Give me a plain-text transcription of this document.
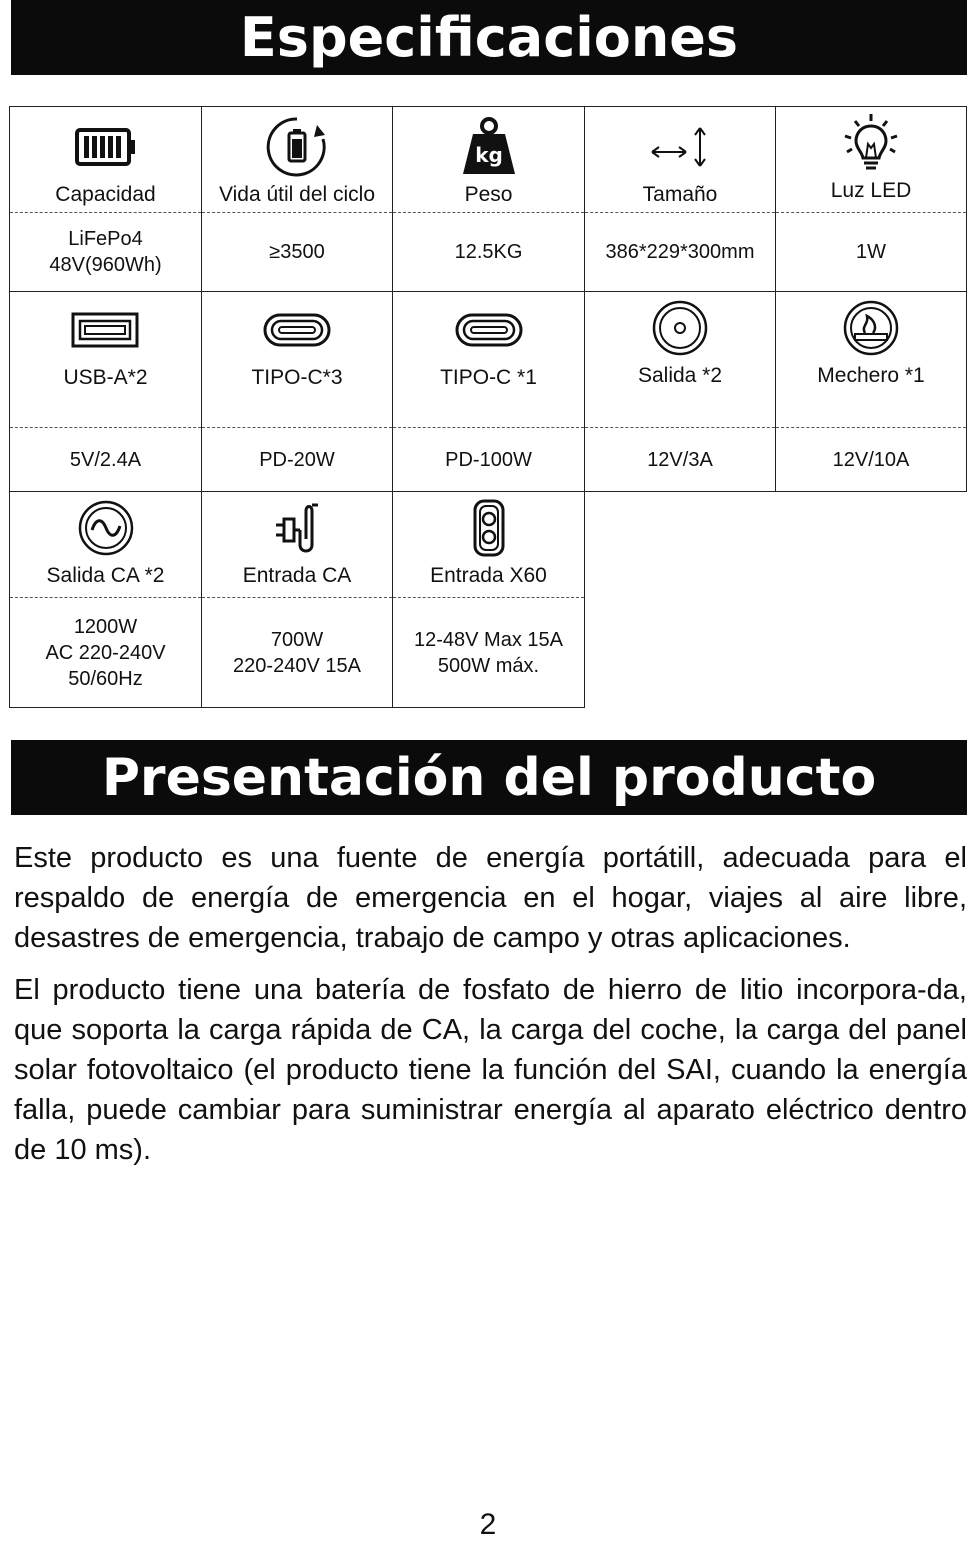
Especificaciones
Capacidad
LiFePo4
48V(960Wh)
Vida útil del ciclo
≥3500
kg
Peso
12.5KG
Tamaño
386*229*300mm
Luz LED
1W
USB-A*2
5V/2.4A
TIPO-C*3
PD-20W
TIPO-C *1
PD-100W
Salida *2
12V/3A
Mechero *1
12V/10A
Salida CA *2
1200W
AC 220-240V
50/60Hz
Entrada CA
700W
220-240V 15A
Entrada X60
12-48V Max 15A
500W máx.
Presentación del producto

Este producto es una fuente de energía portátill, adecuada para el respaldo de energía de emergencia en el hogar, viajes al aire libre, desastres de emergencia, trabajo de campo y otras aplicaciones.

El producto tiene una batería de fosfato de hierro de litio incorpora-da, que soporta la carga rápida de CA, la carga del coche, la carga del panel solar fotovoltaico (el producto tiene la función del SAI, cuando la energía falla, puede cambiar para suministrar energía al aparato eléctrico dentro de 10 ms).

2
